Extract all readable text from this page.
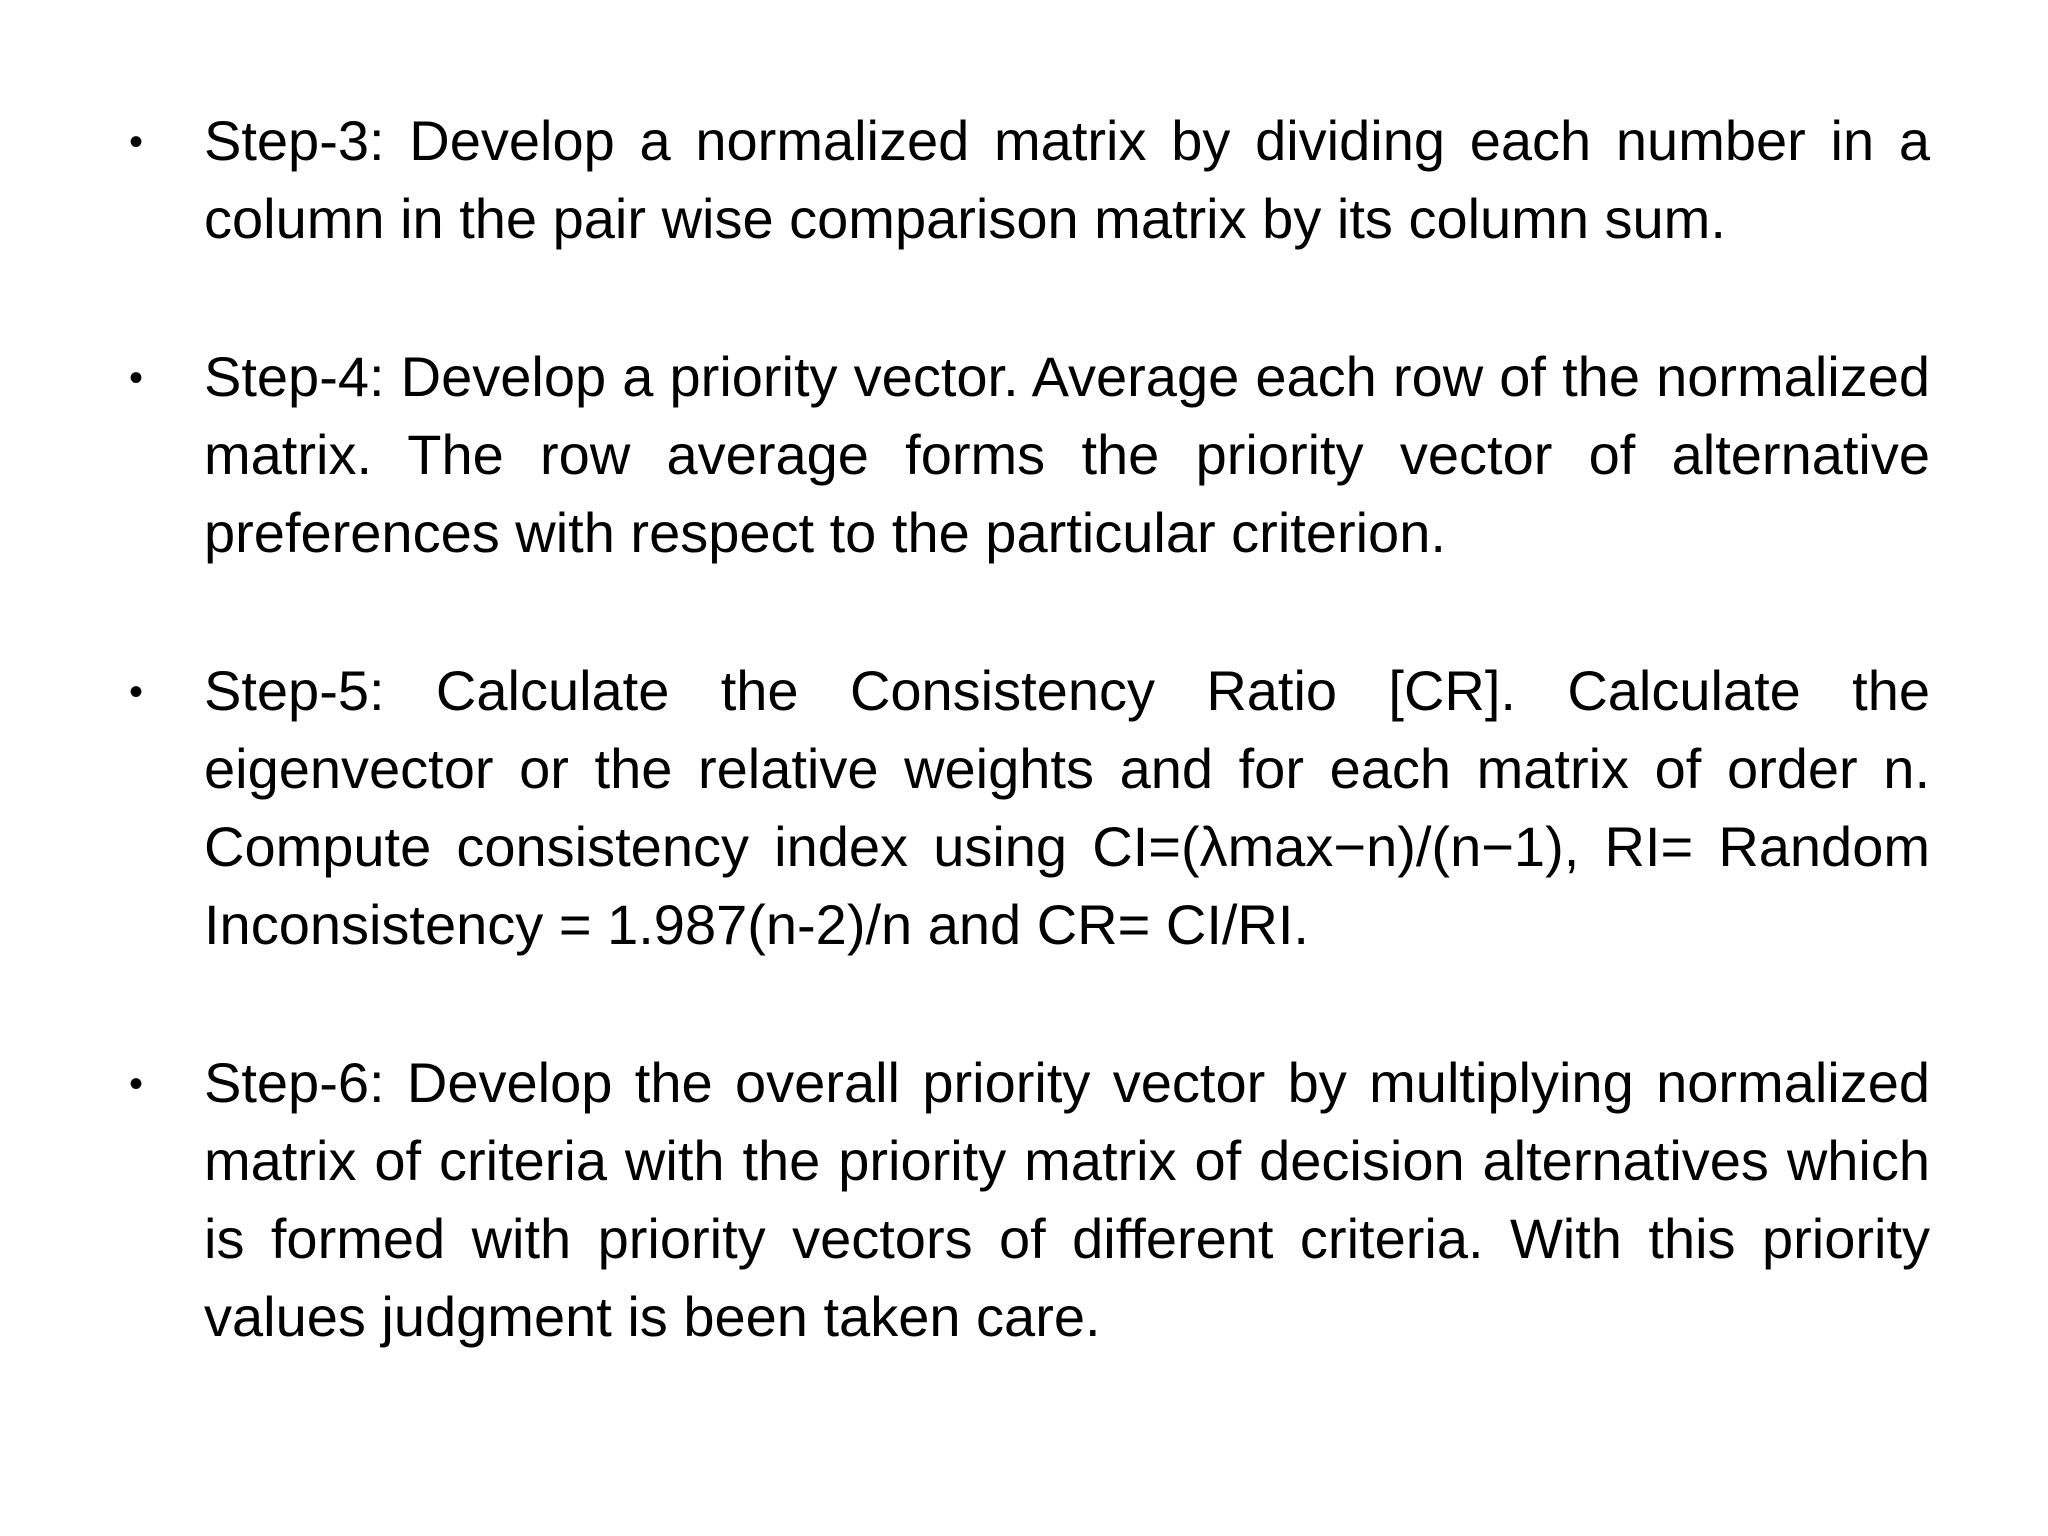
• Step-3: Develop a normalized matrix by dividing each number in a column in the pair wise comparison matrix by its column sum.

• Step-4: Develop a priority vector. Average each row of the normalized matrix. The row average forms the priority vector of alternative preferences with respect to the particular criterion.

• Step-5: Calculate the Consistency Ratio [CR]. Calculate the eigenvector or the relative weights and for each matrix of order n. Compute consistency index using CI=(λmax−n)/(n−1), RI= Random Inconsistency = 1.987(n-2)/n and CR= CI/RI.

• Step-6: Develop the overall priority vector by multiplying normalized matrix of criteria with the priority matrix of decision alternatives which is formed with priority vectors of different criteria. With this priority values judgment is been taken care.
